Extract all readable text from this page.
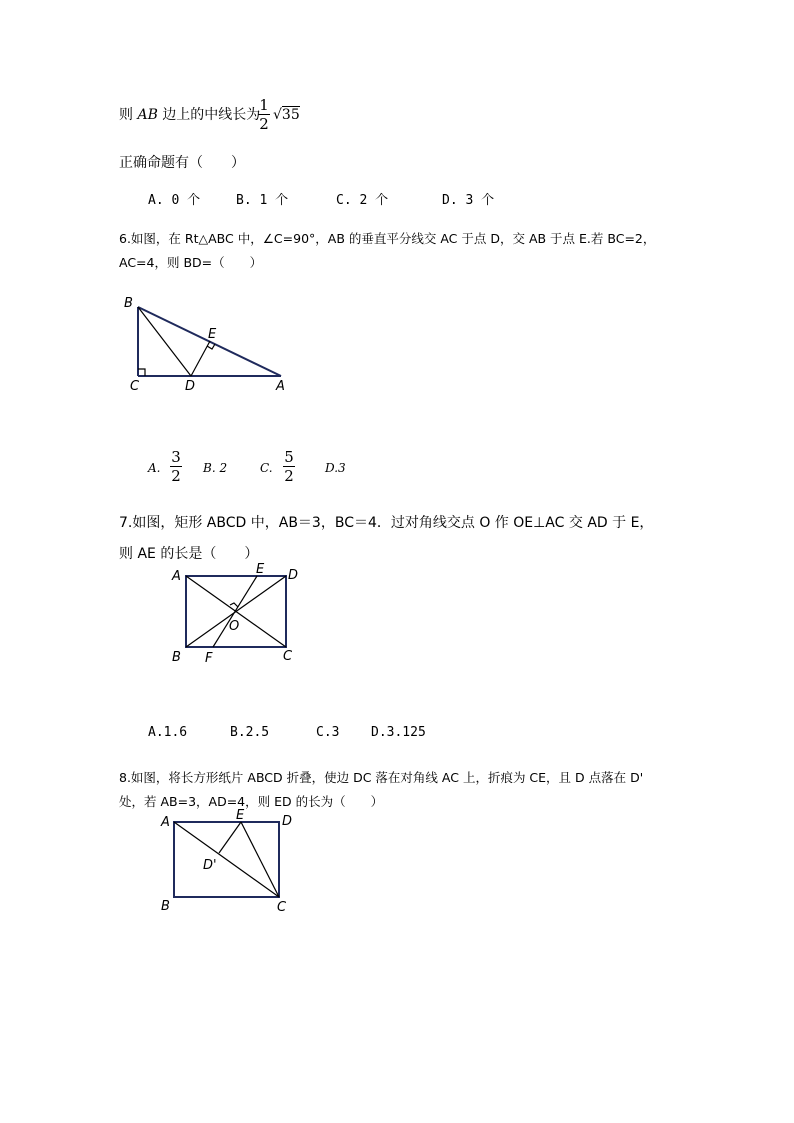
则 AB 边上的中线长为
1
2 √35
正确命题有（　　）
A. 0 个	B. 1 个	C. 2 个	D. 3 个
6.如图，在 Rt△ABC 中，∠C=90°，AB 的垂直平分线交 AC 于点 D，交 AB 于点 E.若 BC=2，
AC=4，则 BD=（　　）
B
E
C	D	A
A.
3
2 B. 2	C.
5
2	D.3
7.如图，矩形 ABCD 中，AB＝3，BC＝4．过对角线交点 O 作 OE⊥AC 交 AD 于 E，
则 AE 的长是（　　）
A	E D
O
B F	C
A.1.6	B.2.5	C.3 D.3.125
8.如图，将长方形纸片 ABCD 折叠，使边 DC 落在对角线 AC 上，折痕为 CE，且 D 点落在 D'
处，若 AB=3，AD=4，则 ED 的长为（　　）
A	E	D
D'
B	C
